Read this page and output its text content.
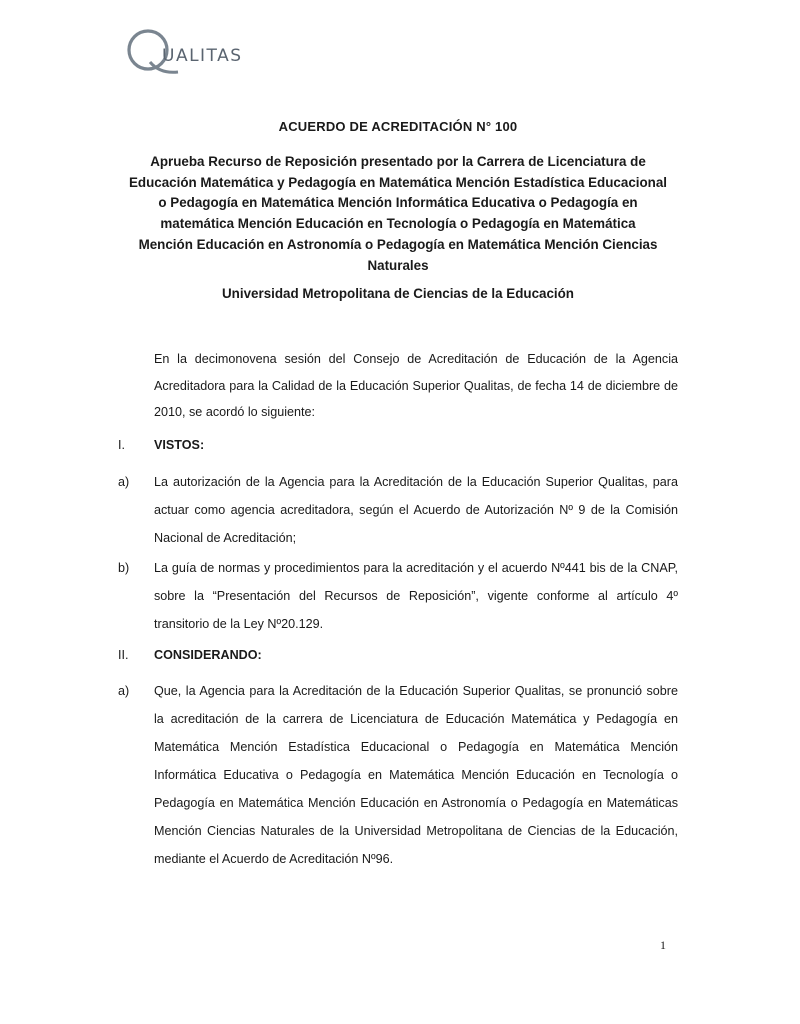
UALITAS
ACUERDO DE ACREDITACIÓN N° 100
Aprueba Recurso de Reposición presentado por la Carrera de Licenciatura de
Educación Matemática y Pedagogía en Matemática Mención Estadística Educacional
o Pedagogía en Matemática Mención Informática Educativa o Pedagogía en
matemática Mención Educación en Tecnología o Pedagogía en Matemática
Mención Educación en Astronomía o Pedagogía en Matemática Mención Ciencias
Naturales
Universidad Metropolitana de Ciencias de la Educación
En la decimonovena sesión del Consejo de Acreditación de Educación de la Agencia Acreditadora para la Calidad de la Educación Superior Qualitas, de fecha 14 de diciembre de 2010, se acordó lo siguiente:
I. VISTOS:
a)	La autorización de la Agencia para la Acreditación de la Educación Superior Qualitas, para actuar como agencia acreditadora, según el Acuerdo de Autorización Nº 9 de la Comisión Nacional de Acreditación;
b)	La guía de normas y procedimientos para la acreditación y el acuerdo Nº441 bis de la CNAP, sobre la “Presentación del Recursos de Reposición”, vigente conforme al artículo 4º transitorio de la Ley Nº20.129.
II. CONSIDERANDO:
a)	Que, la Agencia para la Acreditación de la Educación Superior Qualitas, se pronunció sobre la acreditación de la carrera de Licenciatura de Educación Matemática y Pedagogía en Matemática Mención Estadística Educacional o Pedagogía en Matemática Mención Informática Educativa o Pedagogía en Matemática Mención Educación en Tecnología o Pedagogía en Matemática Mención Educación en Astronomía o Pedagogía en Matemáticas Mención Ciencias Naturales de la Universidad Metropolitana de Ciencias de la Educación, mediante el Acuerdo de Acreditación Nº96.
1
